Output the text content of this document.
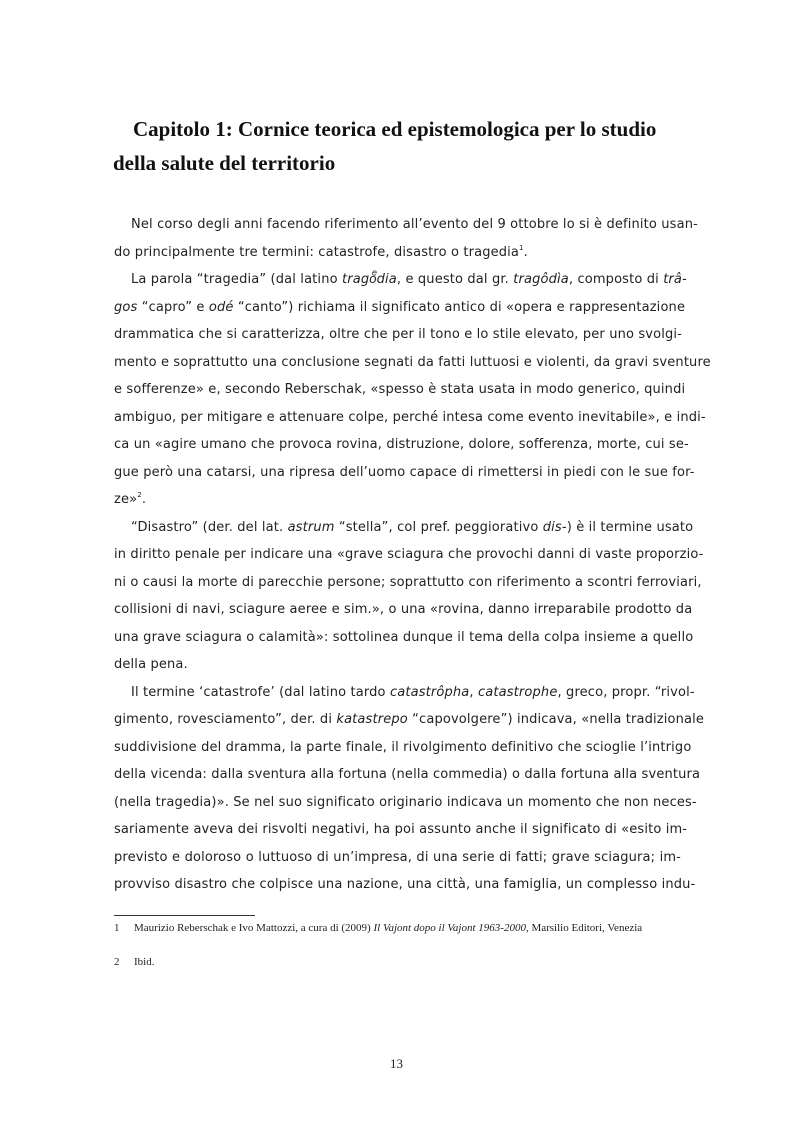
Capitolo 1: Cornice teorica ed epistemologica per lo studio della salute del territorio
Nel corso degli anni facendo riferimento all’evento del 9 ottobre lo si è definito usan-
do principalmente tre termini: catastrofe, disastro o tragedia$^1$.
La parola “tragedia” (dal latino tragoͤdia, e questo dal gr. tragôdìa, composto di trâ-
gos “capro” e odé “canto”) richiama il significato antico di «opera e rappresentazione
drammatica che si caratterizza, oltre che per il tono e lo stile elevato, per uno svolgi-
mento e soprattutto una conclusione segnati da fatti luttuosi e violenti, da gravi sventure
e sofferenze» e, secondo Reberschak, «spesso è stata usata in modo generico, quindi
ambiguo, per mitigare e attenuare colpe, perché intesa come evento inevitabile», e indi-
ca un «agire umano che provoca rovina, distruzione, dolore, sofferenza, morte, cui se-
gue però una catarsi, una ripresa dell’uomo capace di rimettersi in piedi con le sue for-
ze»$^2$.
“Disastro” (der. del lat. astrum “stella”, col pref. peggiorativo dis-) è il termine usato
in diritto penale per indicare una «grave sciagura che provochi danni di vaste proporzio-
ni o causi la morte di parecchie persone; soprattutto con riferimento a scontri ferroviari,
collisioni di navi, sciagure aeree e sim.», o una «rovina, danno irreparabile prodotto da
una grave sciagura o calamità»: sottolinea dunque il tema della colpa insieme a quello
della pena.
Il termine ‘catastrofe’ (dal latino tardo catastrôpha, catastrophe, greco, propr. “rivol-
gimento, rovesciamento”, der. di katastrepo “capovolgere”) indicava, «nella tradizionale
suddivisione del dramma, la parte finale, il rivolgimento definitivo che scioglie l’intrigo
della vicenda: dalla sventura alla fortuna (nella commedia) o dalla fortuna alla sventura
(nella tragedia)». Se nel suo significato originario indicava un momento che non neces-
sariamente aveva dei risvolti negativi, ha poi assunto anche il significato di «esito im-
previsto e doloroso o luttuoso di un’impresa, di una serie di fatti; grave sciagura; im-
provviso disastro che colpisce una nazione, una città, una famiglia, un complesso indu-
1 Maurizio Reberschak e Ivo Mattozzi, a cura di (2009) Il Vajont dopo il Vajont 1963-2000, Marsilio Editori, Venezia
2 Ibid.
13
